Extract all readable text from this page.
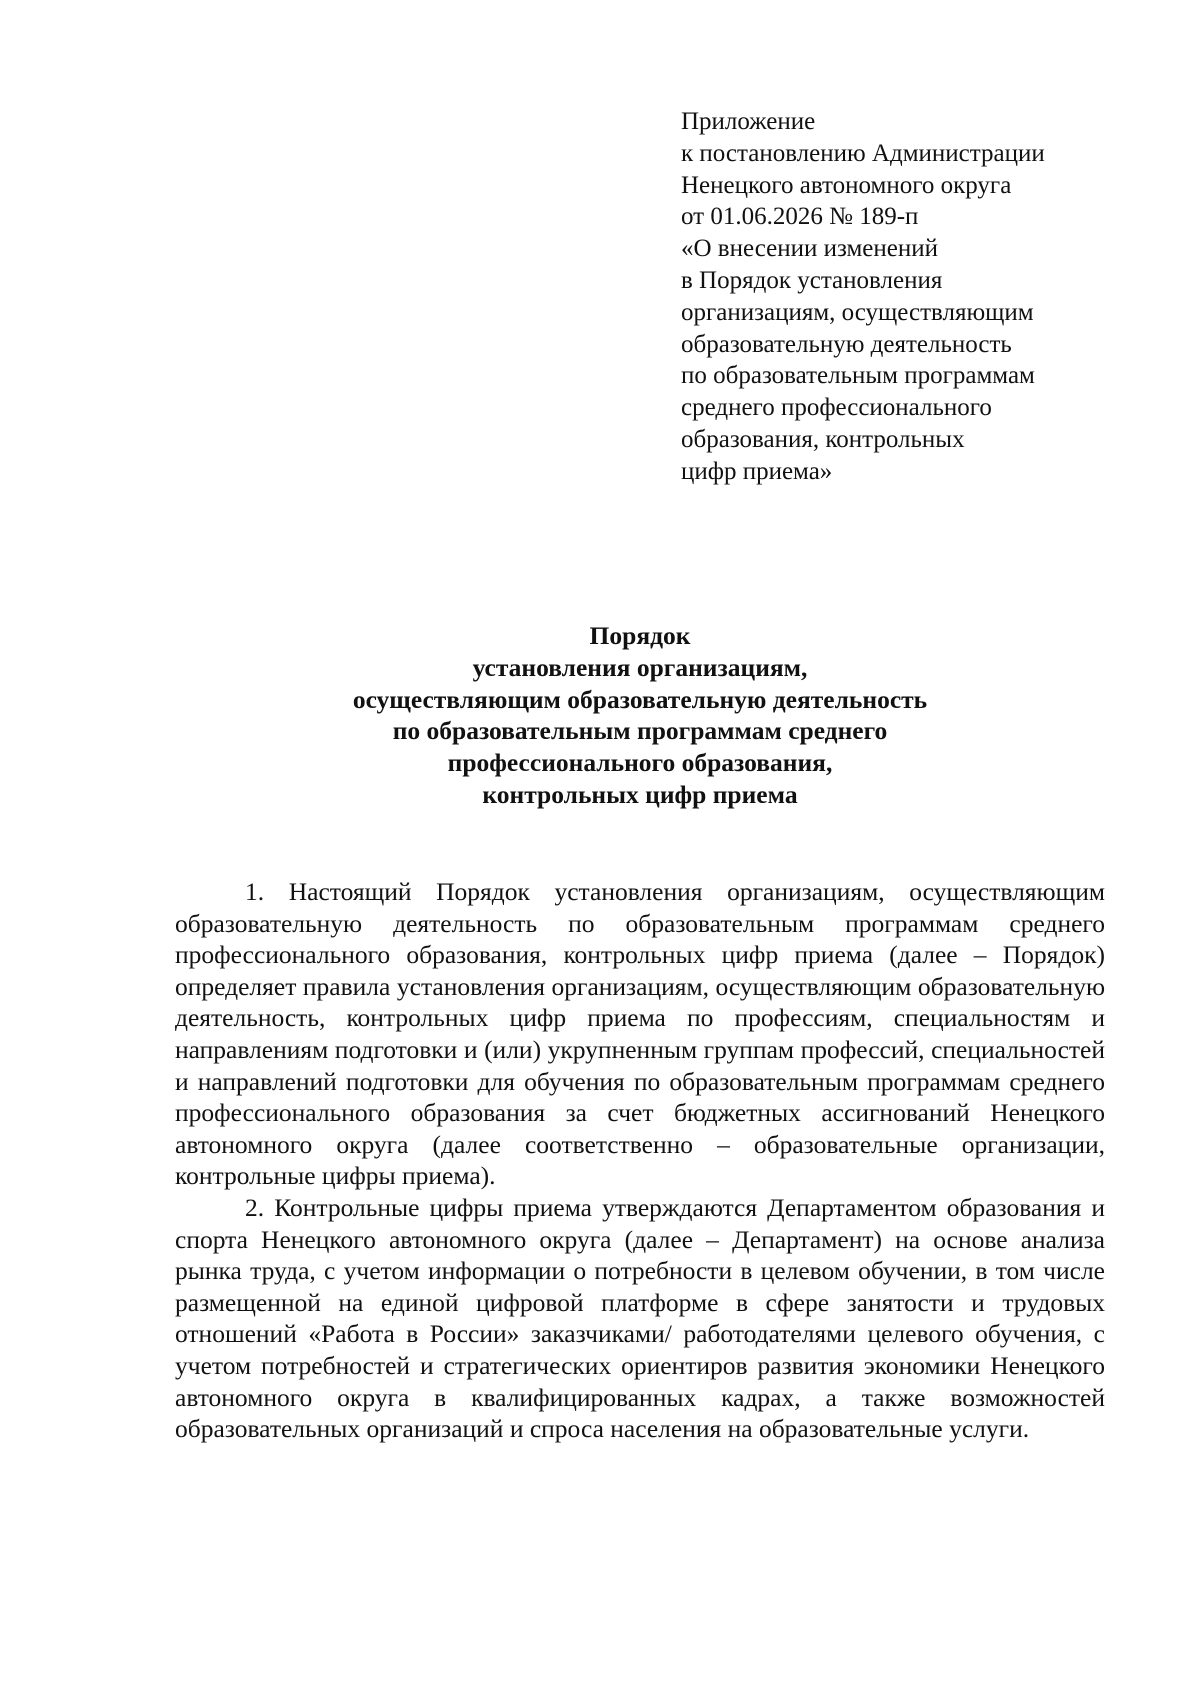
Приложение
к постановлению Администрации
Ненецкого автономного округа
от 01.06.2026 № 189-п
«О внесении изменений
в Порядок установления
организациям, осуществляющим
образовательную деятельность
по образовательным программам
среднего профессионального
образования, контрольных
цифр приема»
Порядок
установления организациям,
осуществляющим образовательную деятельность
по образовательным программам среднего
профессионального образования,
контрольных цифр приема

1. Настоящий Порядок установления организациям, осуществляющим образовательную деятельность по образовательным программам среднего профессионального образования, контрольных цифр приема (далее – Порядок) определяет правила установления организациям, осуществляющим образовательную деятельность, контрольных цифр приема по профессиям, специальностям и направлениям подготовки и (или) укрупненным группам профессий, специальностей и направлений подготовки для обучения по образовательным программам среднего профессионального образования за счет бюджетных ассигнований Ненецкого автономного округа (далее соответственно – образовательные организации, контрольные цифры приема).

2. Контрольные цифры приема утверждаются Департаментом образования и спорта Ненецкого автономного округа (далее – Департамент) на основе анализа рынка труда, с учетом информации о потребности в целевом обучении, в том числе размещенной на единой цифровой платформе в сфере занятости и трудовых отношений «Работа в России» заказчиками/ работодателями целевого обучения, с учетом потребностей и стратегических ориентиров развития экономики Ненецкого автономного округа в квалифицированных кадрах, а также возможностей образовательных организаций и спроса населения на образовательные услуги.
